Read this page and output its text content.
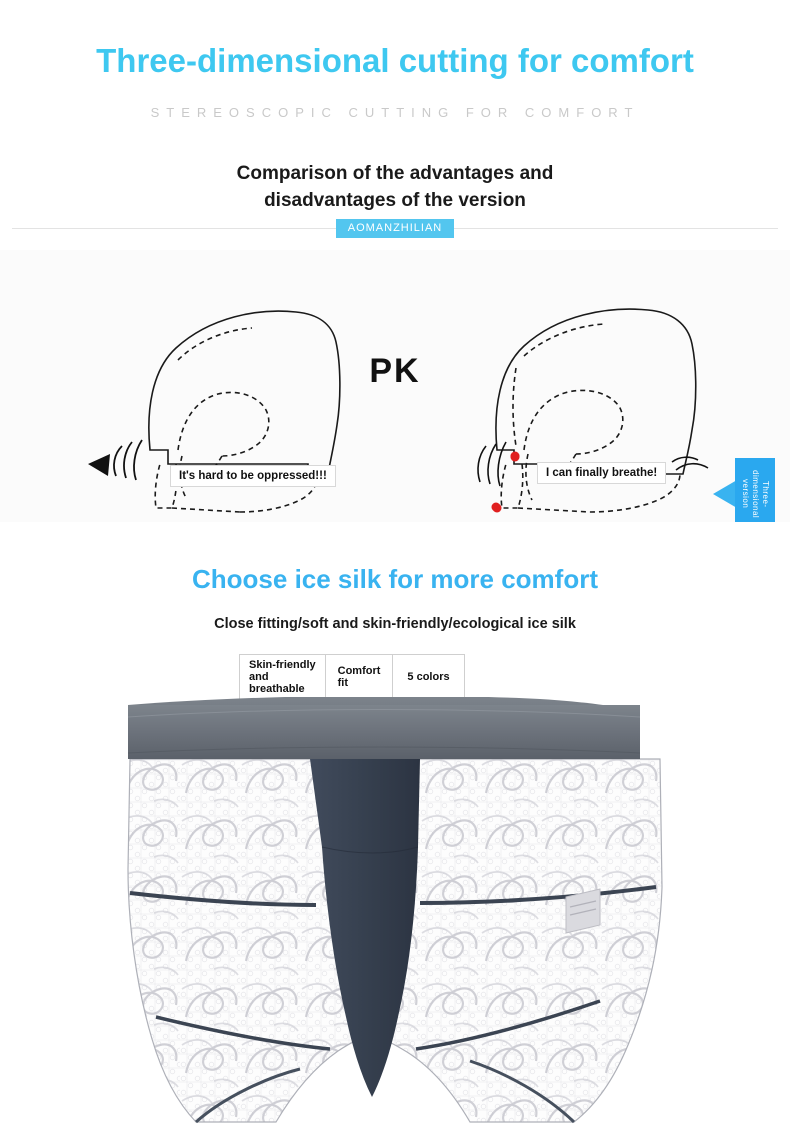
Three-dimensional cutting for comfort
STEREOSCOPIC CUTTING FOR COMFORT
Comparison of the advantages and
disadvantages of the version
AOMANZHILIAN
PK
It's hard to be oppressed!!!	I can finally breathe!
Three-dimensional version
Choose ice silk for more comfort
Close fitting/soft and skin-friendly/ecological ice silk
Skin-friendly
and
breathable
Comfort
fit	5 colors
